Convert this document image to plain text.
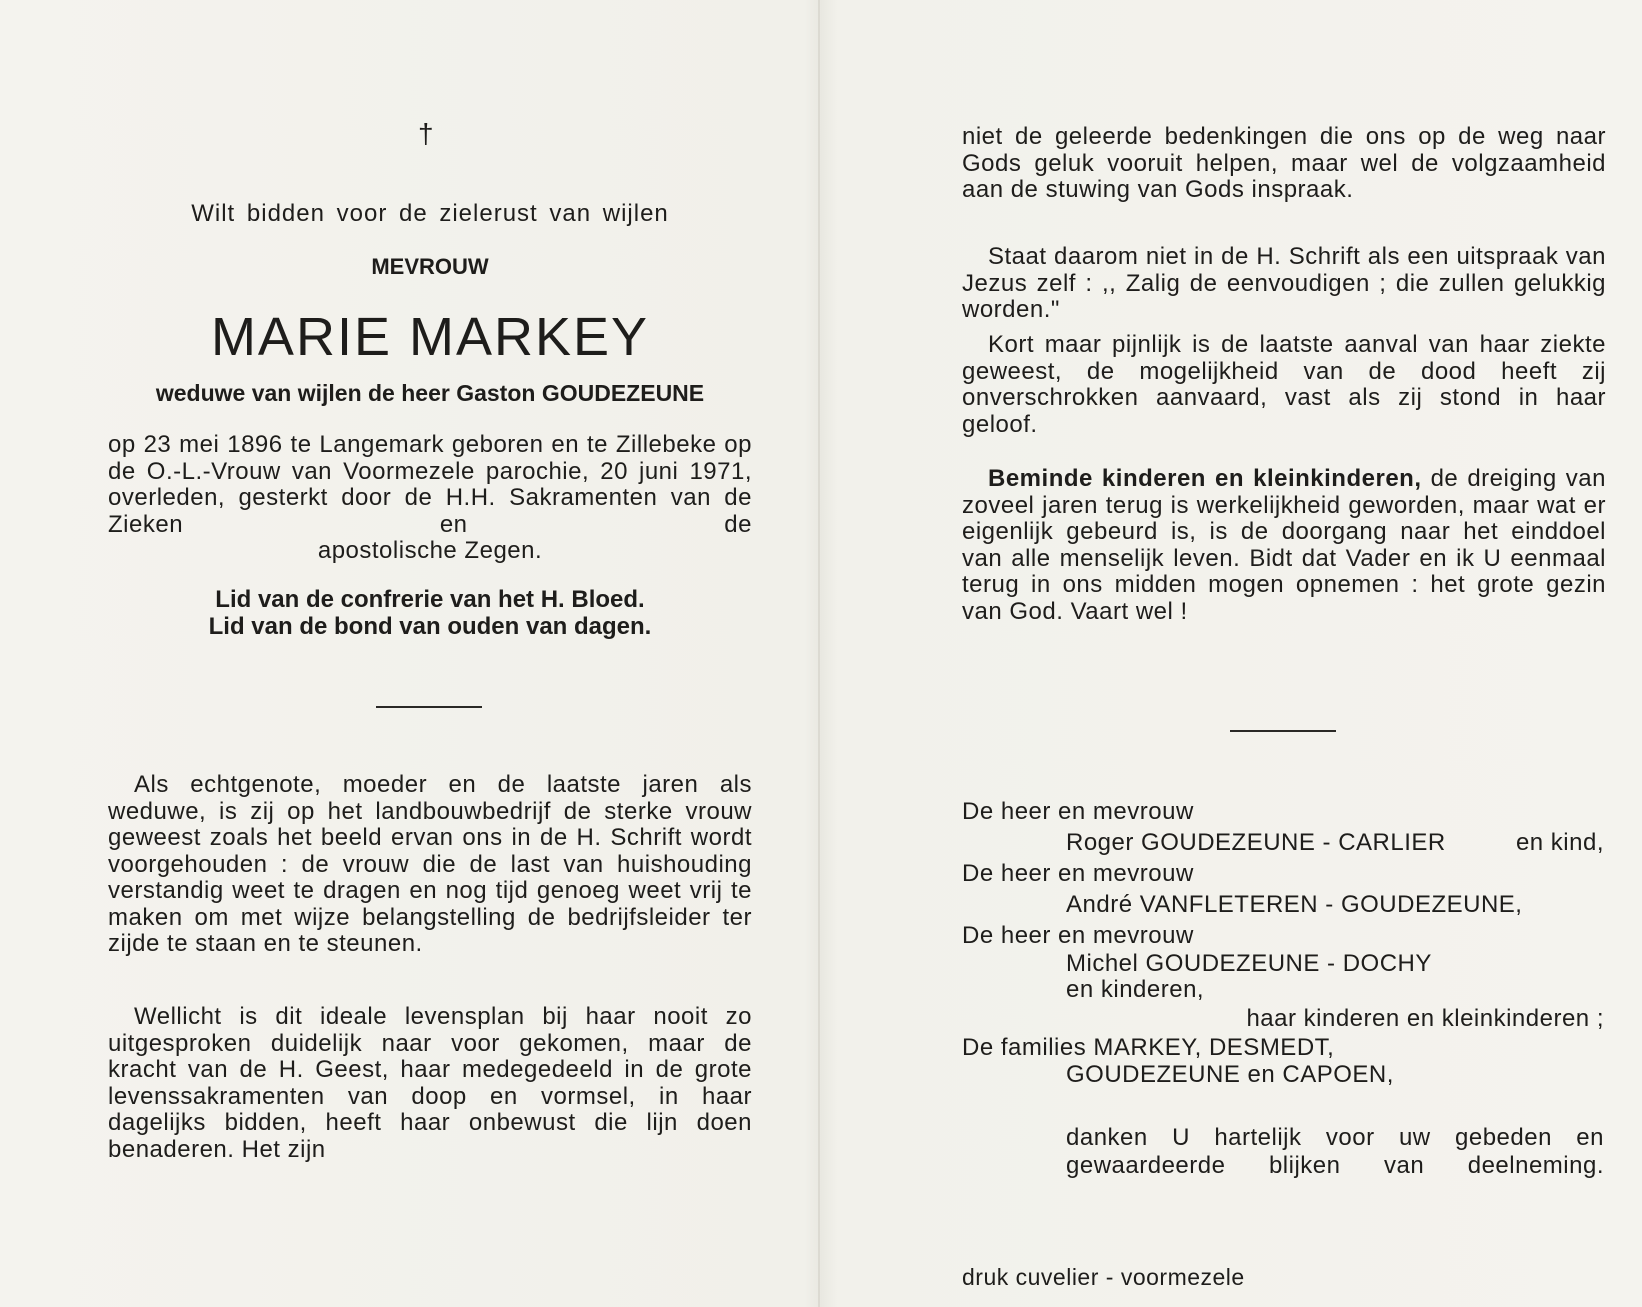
†
Wilt bidden voor de zielerust van wijlen
MEVROUW
MARIE MARKEY
weduwe van wijlen de heer Gaston GOUDEZEUNE
op 23 mei 1896 te Langemark geboren en te Zillebeke op de O.-L.-Vrouw van Voormezele parochie, 20 juni 1971, overleden, gesterkt door de H.H. Sakramenten van de Zieken en de
apostolische Zegen.
Lid van de confrerie van het H. Bloed.
Lid van de bond van ouden van dagen.
Als echtgenote, moeder en de laatste jaren als weduwe, is zij op het landbouwbedrijf de sterke vrouw geweest zoals het beeld ervan ons in de H. Schrift wordt voorgehouden : de vrouw die de last van huishouding verstandig weet te dragen en nog tijd genoeg weet vrij te maken om met wijze belangstelling de bedrijfsleider ter zijde te staan en te steunen.
Wellicht is dit ideale levensplan bij haar nooit zo uitgesproken duidelijk naar voor gekomen, maar de kracht van de H. Geest, haar medegedeeld in de grote levenssakramenten van doop en vormsel, in haar dagelijks bidden, heeft haar onbewust die lijn doen benaderen. Het zijn
niet de geleerde bedenkingen die ons op de weg naar Gods geluk vooruit helpen, maar wel de volgzaamheid aan de stuwing van Gods inspraak.
Staat daarom niet in de H. Schrift als een uitspraak van Jezus zelf : ,, Zalig de eenvoudigen ; die zullen gelukkig worden."
Kort maar pijnlijk is de laatste aanval van haar ziekte geweest, de mogelijkheid van de dood heeft zij onverschrokken aanvaard, vast als zij stond in haar geloof.
Beminde kinderen en kleinkinderen, de dreiging van zoveel jaren terug is werkelijkheid geworden, maar wat er eigenlijk gebeurd is, is de doorgang naar het einddoel van alle menselijk leven. Bidt dat Vader en ik U eenmaal terug in ons midden mogen opnemen : het grote gezin van God. Vaart wel !
De heer en mevrouw
Roger GOUDEZEUNE - CARLIER	en kind,
De heer en mevrouw
André VANFLETEREN - GOUDEZEUNE,
De heer en mevrouw
Michel GOUDEZEUNE - DOCHY
en kinderen,
haar kinderen en kleinkinderen ;
De families MARKEY, DESMEDT,
GOUDEZEUNE en CAPOEN,
danken U hartelijk voor uw gebeden en gewaardeerde blijken van deelneming.
druk cuvelier - voormezele
